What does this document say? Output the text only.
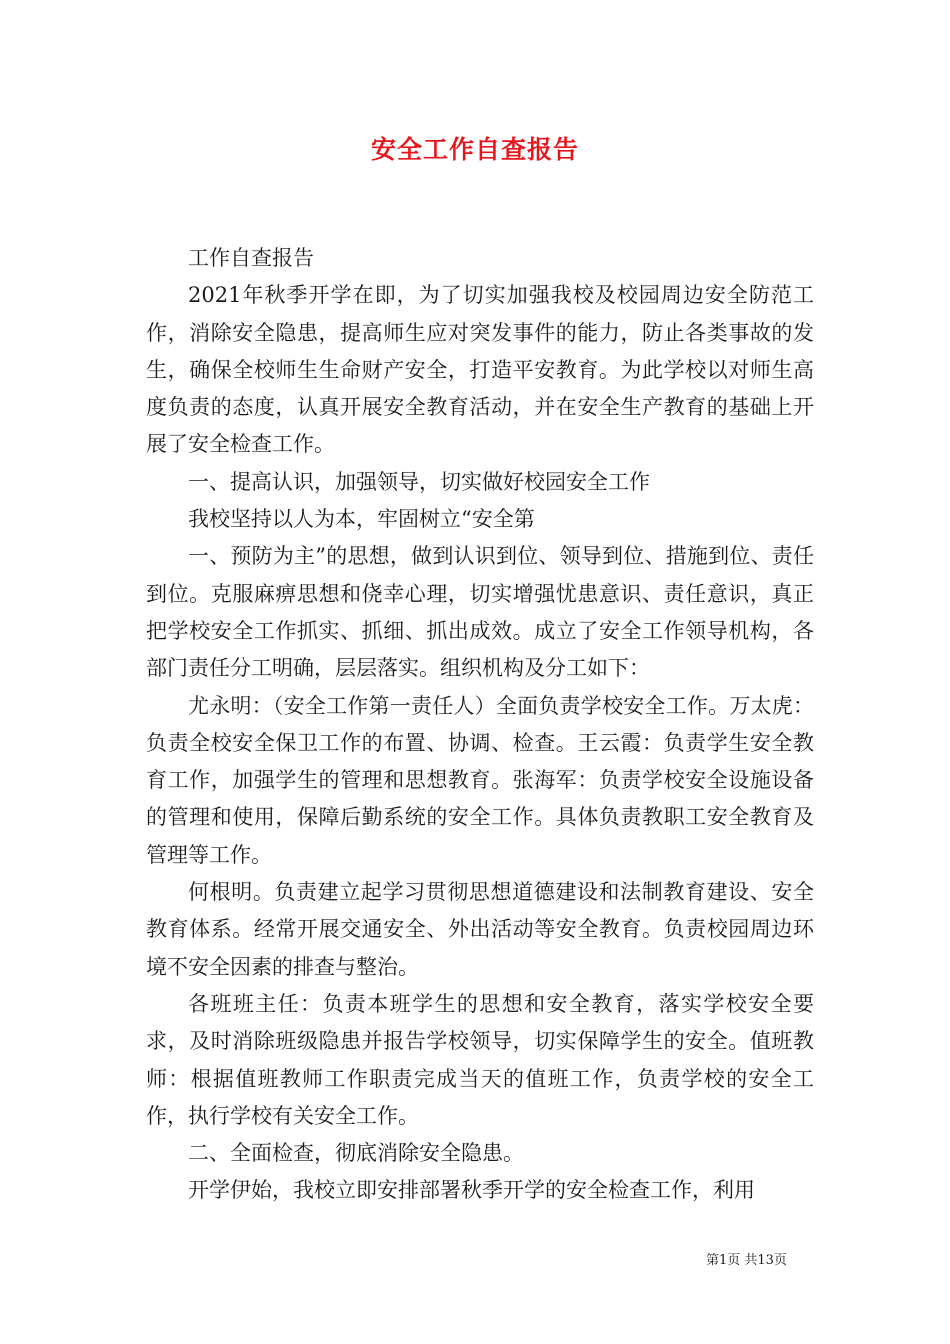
安全工作自查报告

工作自查报告

2021年秋季开学在即，为了切实加强我校及校园周边安全防范工作，消除安全隐患，提高师生应对突发事件的能力，防止各类事故的发生，确保全校师生生命财产安全，打造平安教育。为此学校以对师生高度负责的态度，认真开展安全教育活动，并在安全生产教育的基础上开展了安全检查工作。

一、提高认识，加强领导，切实做好校园安全工作

我校坚持以人为本，牢固树立“安全第

一、预防为主”的思想，做到认识到位、领导到位、措施到位、责任到位。克服麻痹思想和侥幸心理，切实增强忧患意识、责任意识，真正把学校安全工作抓实、抓细、抓出成效。成立了安全工作领导机构，各部门责任分工明确，层层落实。组织机构及分工如下：

尤永明：（安全工作第一责任人）全面负责学校安全工作。万太虎：负责全校安全保卫工作的布置、协调、检查。王云霞：负责学生安全教育工作，加强学生的管理和思想教育。张海军：负责学校安全设施设备的管理和使用，保障后勤系统的安全工作。具体负责教职工安全教育及管理等工作。

何根明。负责建立起学习贯彻思想道德建设和法制教育建设、安全教育体系。经常开展交通安全、外出活动等安全教育。负责校园周边环境不安全因素的排查与整治。

各班班主任：负责本班学生的思想和安全教育，落实学校安全要求，及时消除班级隐患并报告学校领导，切实保障学生的安全。值班教师：根据值班教师工作职责完成当天的值班工作，负责学校的安全工作，执行学校有关安全工作。

二、全面检查，彻底消除安全隐患。

开学伊始，我校立即安排部署秋季开学的安全检查工作，利用

第1页 共13页
